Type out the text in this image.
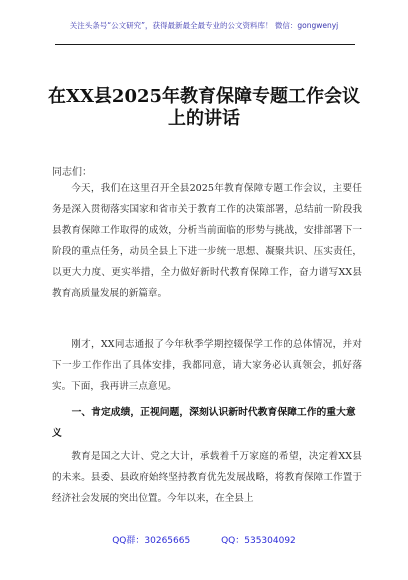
关注头条号“公文研究”，获得最新最全最专业的公文资料库！ 微信：gongwenyj
在XX县2025年教育保障专题工作会议上的讲话
同志们：
今天，我们在这里召开全县2025年教育保障专题工作会议，主要任务是深入贯彻落实国家和省市关于教育工作的决策部署，总结前一阶段我县教育保障工作取得的成效，分析当前面临的形势与挑战，安排部署下一阶段的重点任务，动员全县上下进一步统一思想、凝聚共识、压实责任，以更大力度、更实举措，全力做好新时代教育保障工作，奋力谱写XX县教育高质量发展的新篇章。
刚才，XX同志通报了今年秋季学期控辍保学工作的总体情况，并对下一步工作作出了具体安排，我都同意，请大家务必认真领会，抓好落实。下面，我再讲三点意见。
一、肯定成绩，正视问题，深刻认识新时代教育保障工作的重大意义
教育是国之大计、党之大计，承载着千万家庭的希望，决定着XX县的未来。县委、县政府始终坚持教育优先发展战略，将教育保障工作置于经济社会发展的突出位置。今年以来，在全县上
QQ群：30265665	QQ：535304092
